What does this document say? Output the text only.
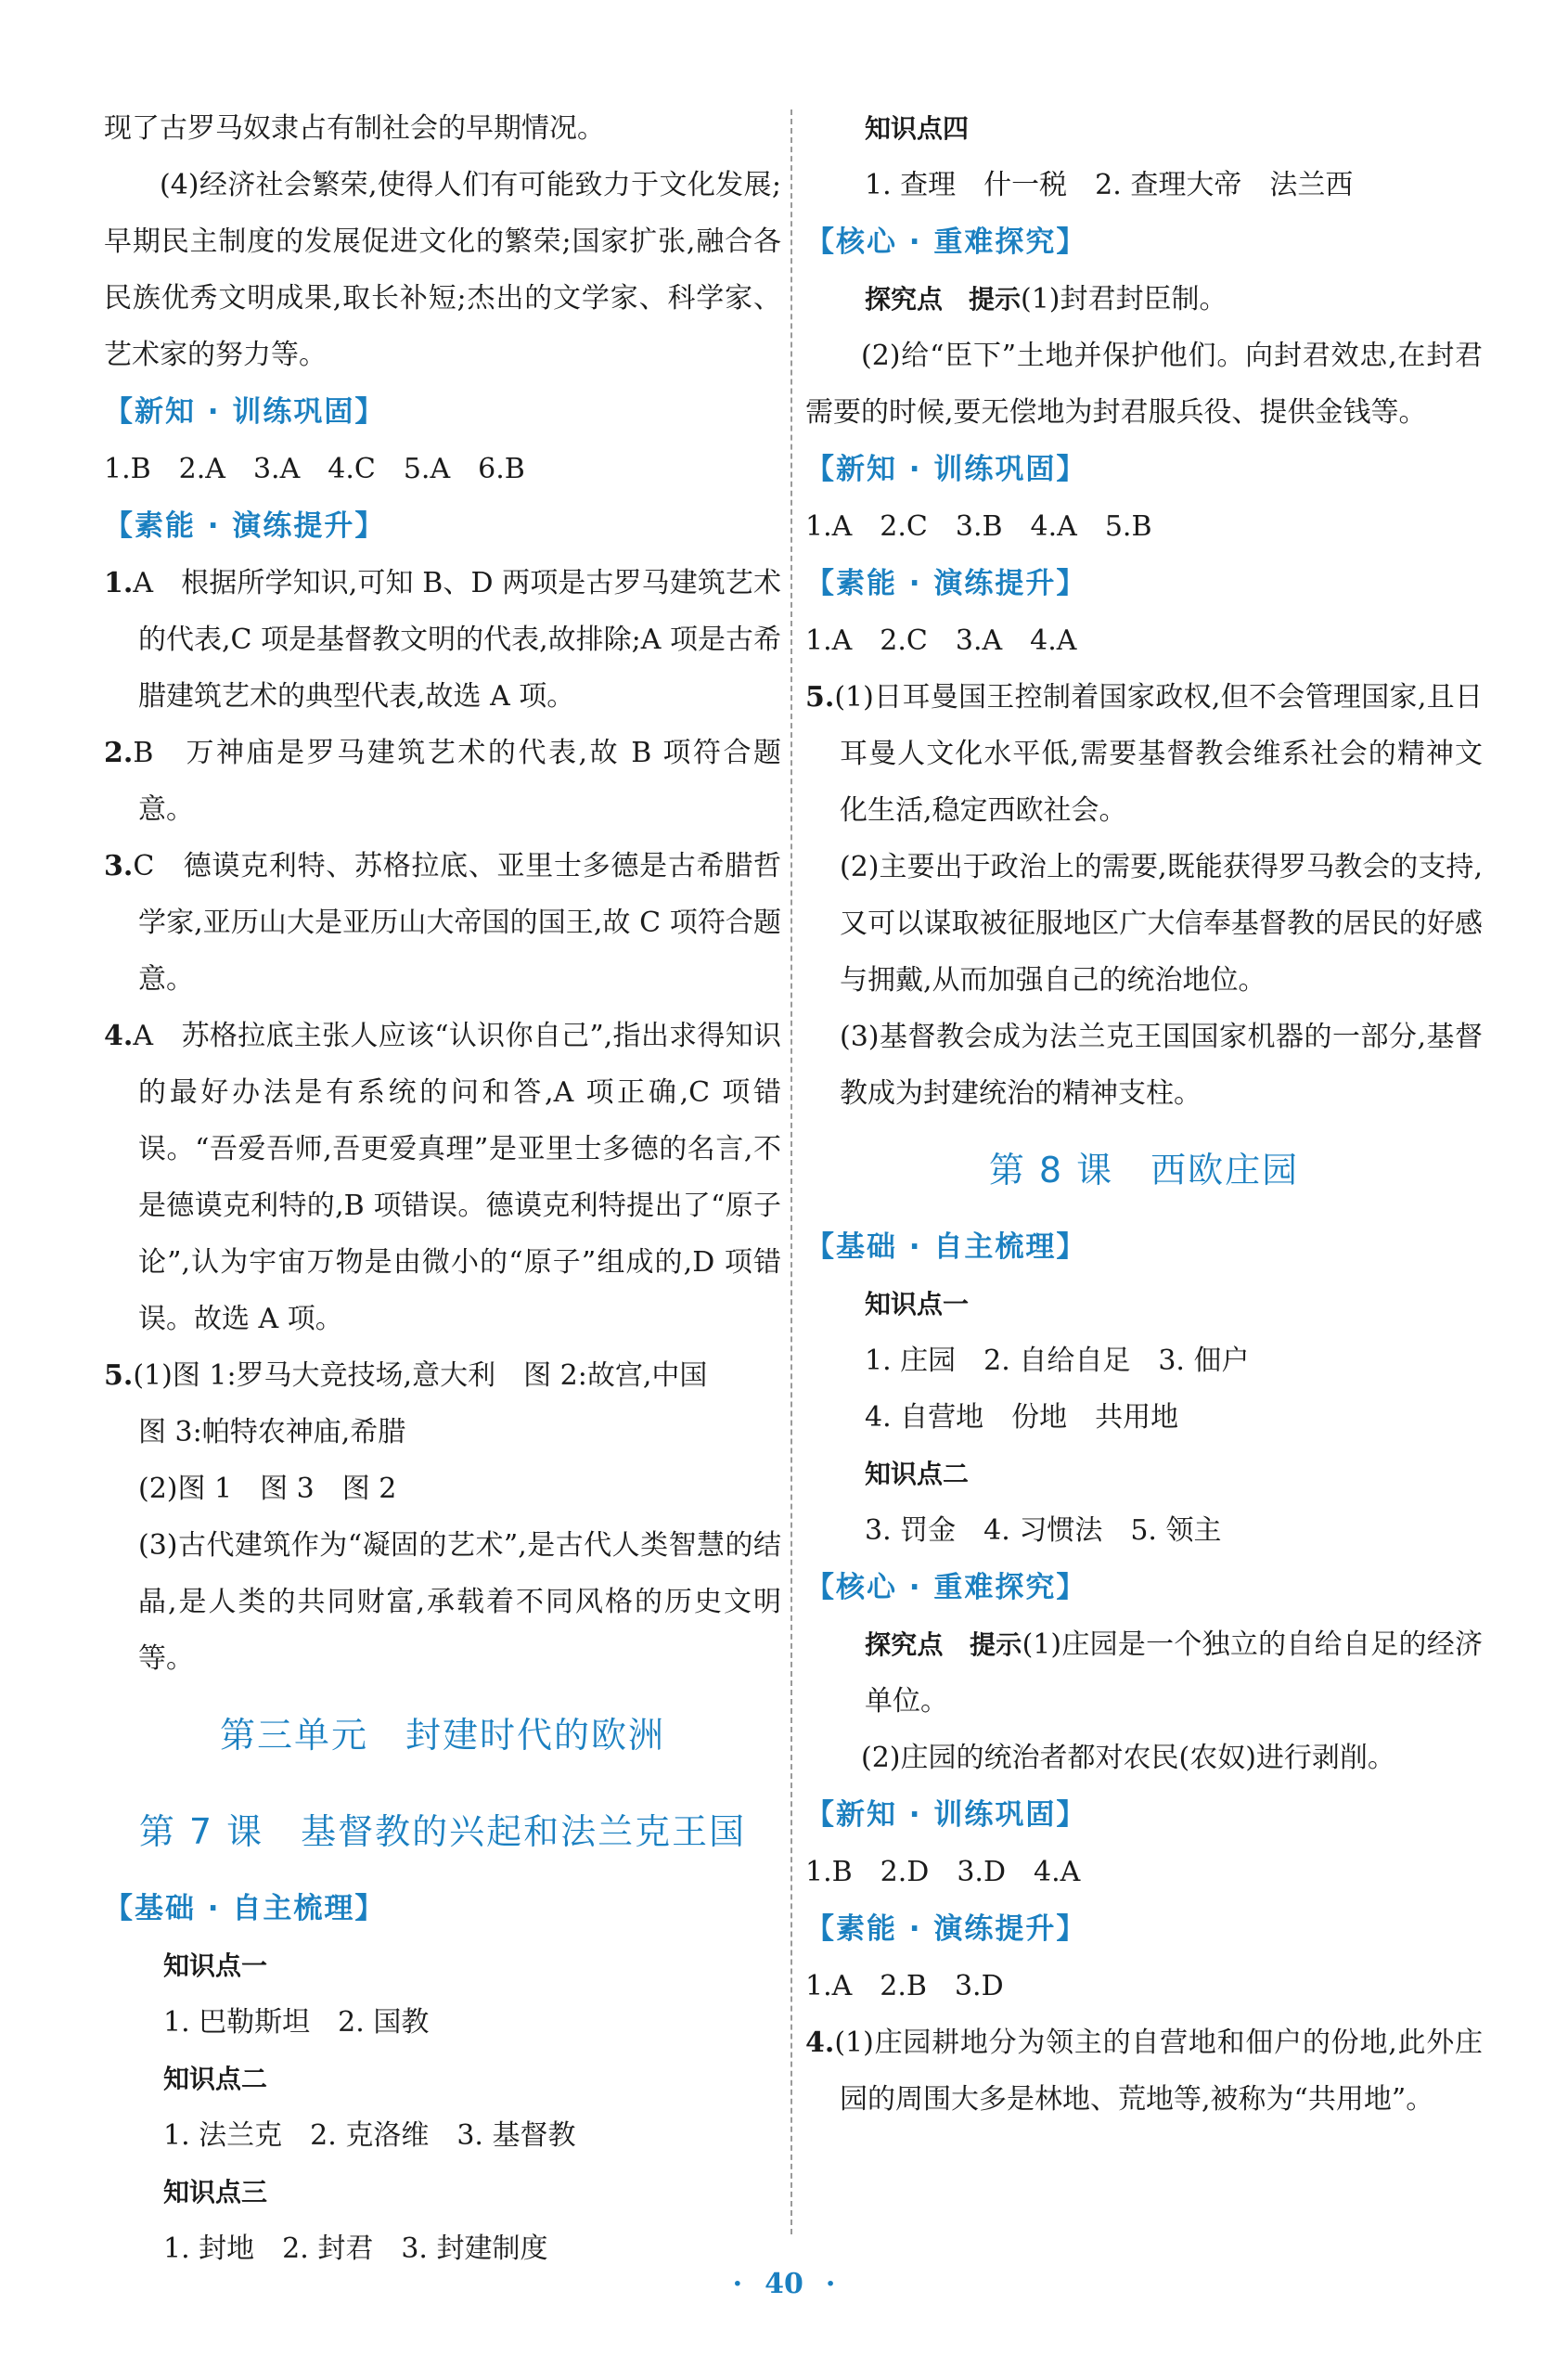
现了古罗马奴隶占有制社会的早期情况。

(4)经济社会繁荣,使得人们有可能致力于文化发展;早期民主制度的发展促进文化的繁荣;国家扩张,融合各民族优秀文明成果,取长补短;杰出的文学家、科学家、艺术家的努力等。

【新知 · 训练巩固】

1.B　2.A　3.A　4.C　5.A　6.B

【素能 · 演练提升】

1.A　根据所学知识,可知 B、D 两项是古罗马建筑艺术的代表,C 项是基督教文明的代表,故排除;A 项是古希腊建筑艺术的典型代表,故选 A 项。

2.B　万神庙是罗马建筑艺术的代表,故 B 项符合题意。

3.C　德谟克利特、苏格拉底、亚里士多德是古希腊哲学家,亚历山大是亚历山大帝国的国王,故 C 项符合题意。

4.A　苏格拉底主张人应该“认识你自己”,指出求得知识的最好办法是有系统的问和答,A 项正确,C 项错误。“吾爱吾师,吾更爱真理”是亚里士多德的名言,不是德谟克利特的,B 项错误。德谟克利特提出了“原子论”,认为宇宙万物是由微小的“原子”组成的,D 项错误。故选 A 项。

5.(1)图 1:罗马大竞技场,意大利　图 2:故宫,中国

图 3:帕特农神庙,希腊

(2)图 1　图 3　图 2

(3)古代建筑作为“凝固的艺术”,是古代人类智慧的结晶,是人类的共同财富,承载着不同风格的历史文明等。

第三单元　封建时代的欧洲

第 7 课　基督教的兴起和法兰克王国

【基础 · 自主梳理】

知识点一

1. 巴勒斯坦　2. 国教

知识点二

1. 法兰克　2. 克洛维　3. 基督教

知识点三

1. 封地　2. 封君　3. 封建制度

知识点四

1. 查理　什一税　2. 查理大帝　法兰西

【核心 · 重难探究】

探究点　提示(1)封君封臣制。

(2)给“臣下”土地并保护他们。向封君效忠,在封君需要的时候,要无偿地为封君服兵役、提供金钱等。

【新知 · 训练巩固】

1.A　2.C　3.B　4.A　5.B

【素能 · 演练提升】

1.A　2.C　3.A　4.A

5.(1)日耳曼国王控制着国家政权,但不会管理国家,且日耳曼人文化水平低,需要基督教会维系社会的精神文化生活,稳定西欧社会。

(2)主要出于政治上的需要,既能获得罗马教会的支持,又可以谋取被征服地区广大信奉基督教的居民的好感与拥戴,从而加强自己的统治地位。

(3)基督教会成为法兰克王国国家机器的一部分,基督教成为封建统治的精神支柱。

第 8 课　西欧庄园

【基础 · 自主梳理】

知识点一

1. 庄园　2. 自给自足　3. 佃户

4. 自营地　份地　共用地

知识点二

3. 罚金　4. 习惯法　5. 领主

【核心 · 重难探究】

探究点　提示(1)庄园是一个独立的自给自足的经济单位。

(2)庄园的统治者都对农民(农奴)进行剥削。

【新知 · 训练巩固】

1.B　2.D　3.D　4.A

【素能 · 演练提升】

1.A　2.B　3.D

4.(1)庄园耕地分为领主的自营地和佃户的份地,此外庄园的周围大多是林地、荒地等,被称为“共用地”。

· 40 ·
